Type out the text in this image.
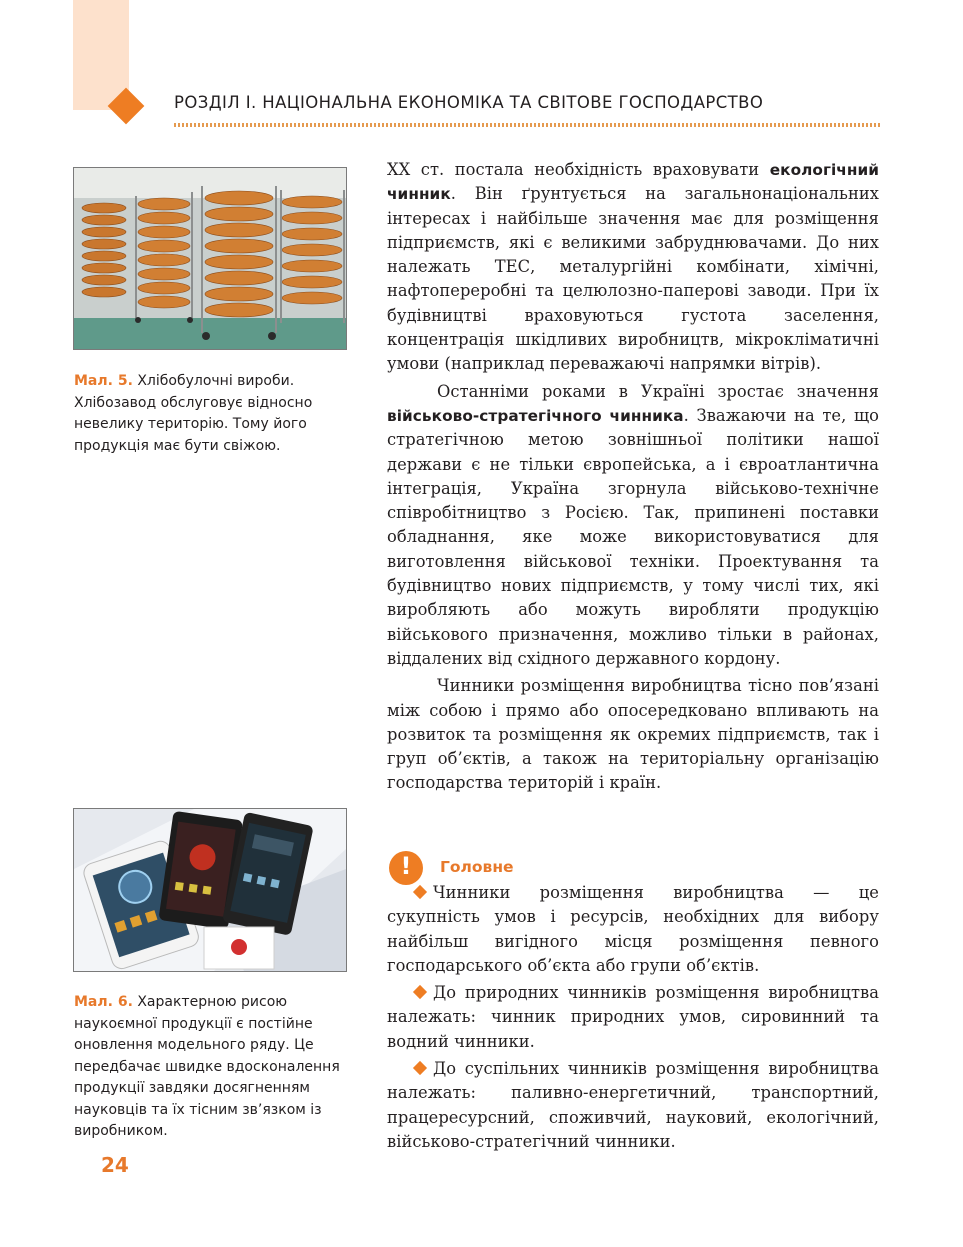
РОЗДІЛ І. НАЦІОНАЛЬНА ЕКОНОМІКА ТА СВІТОВЕ ГОСПОДАРСТВО
Мал. 5. Хлібобулочні вироби. Хлібозавод обслуговує відносно невелику територію. Тому його продукція має бути свіжою.
Мал. 6. Характерною рисою наукоємної продукції є постійне оновлення модельного ряду. Це передбачає швидке вдосконалення продукції завдяки досягненням науковців та їх тісним зв’язком із виробником.
24

XX ст. постала необхідність враховувати екологічний чинник. Він ґрунтується на загальнонаціональних інтересах і найбільше значення має для розміщення підприємств, які є великими забруднювачами. До них належать ТЕС, металургійні комбінати, хімічні, нафтопереробні та целюлозно-паперові заводи. При їх будівництві враховуються густота заселення, концентрація шкідливих виробництв, мікрокліматичні умови (наприклад переважаючі напрямки вітрів).

Останніми роками в Україні зростає значення військово-стратегічного чинника. Зважаючи на те, що стратегічною метою зовнішньої політики нашої держави є не тільки європейська, а і євроатлантична інтеграція, Україна згорнула військово-технічне співробітництво з Росією. Так, припинені поставки обладнання, яке може використовуватися для виготовлення військової техніки. Проектування та будівництво нових підприємств, у тому числі тих, які виробляють або можуть виробляти продукцію військового призначення, можливо тільки в районах, віддалених від східного державного кордону.

Чинники розміщення виробництва тісно пов’язані між собою і прямо або опосередковано впливають на розвиток та розміщення як окремих підприємств, так і груп об’єктів, а також на територіальну організацію господарства територій і країн.

!	Головне

Чинники розміщення виробництва — це сукупність умов і ресурсів, необхідних для вибору найбільш вигідного місця розміщення певного господарського об’єкта або групи об’єктів.

До природних чинників розміщення виробництва належать: чинник природних умов, сировинний та водний чинники.

До суспільних чинників розміщення виробництва належать: паливно-енергетичний, транспортний, працересурсний, споживчий, науковий, екологічний, військово-стратегічний чинники.
